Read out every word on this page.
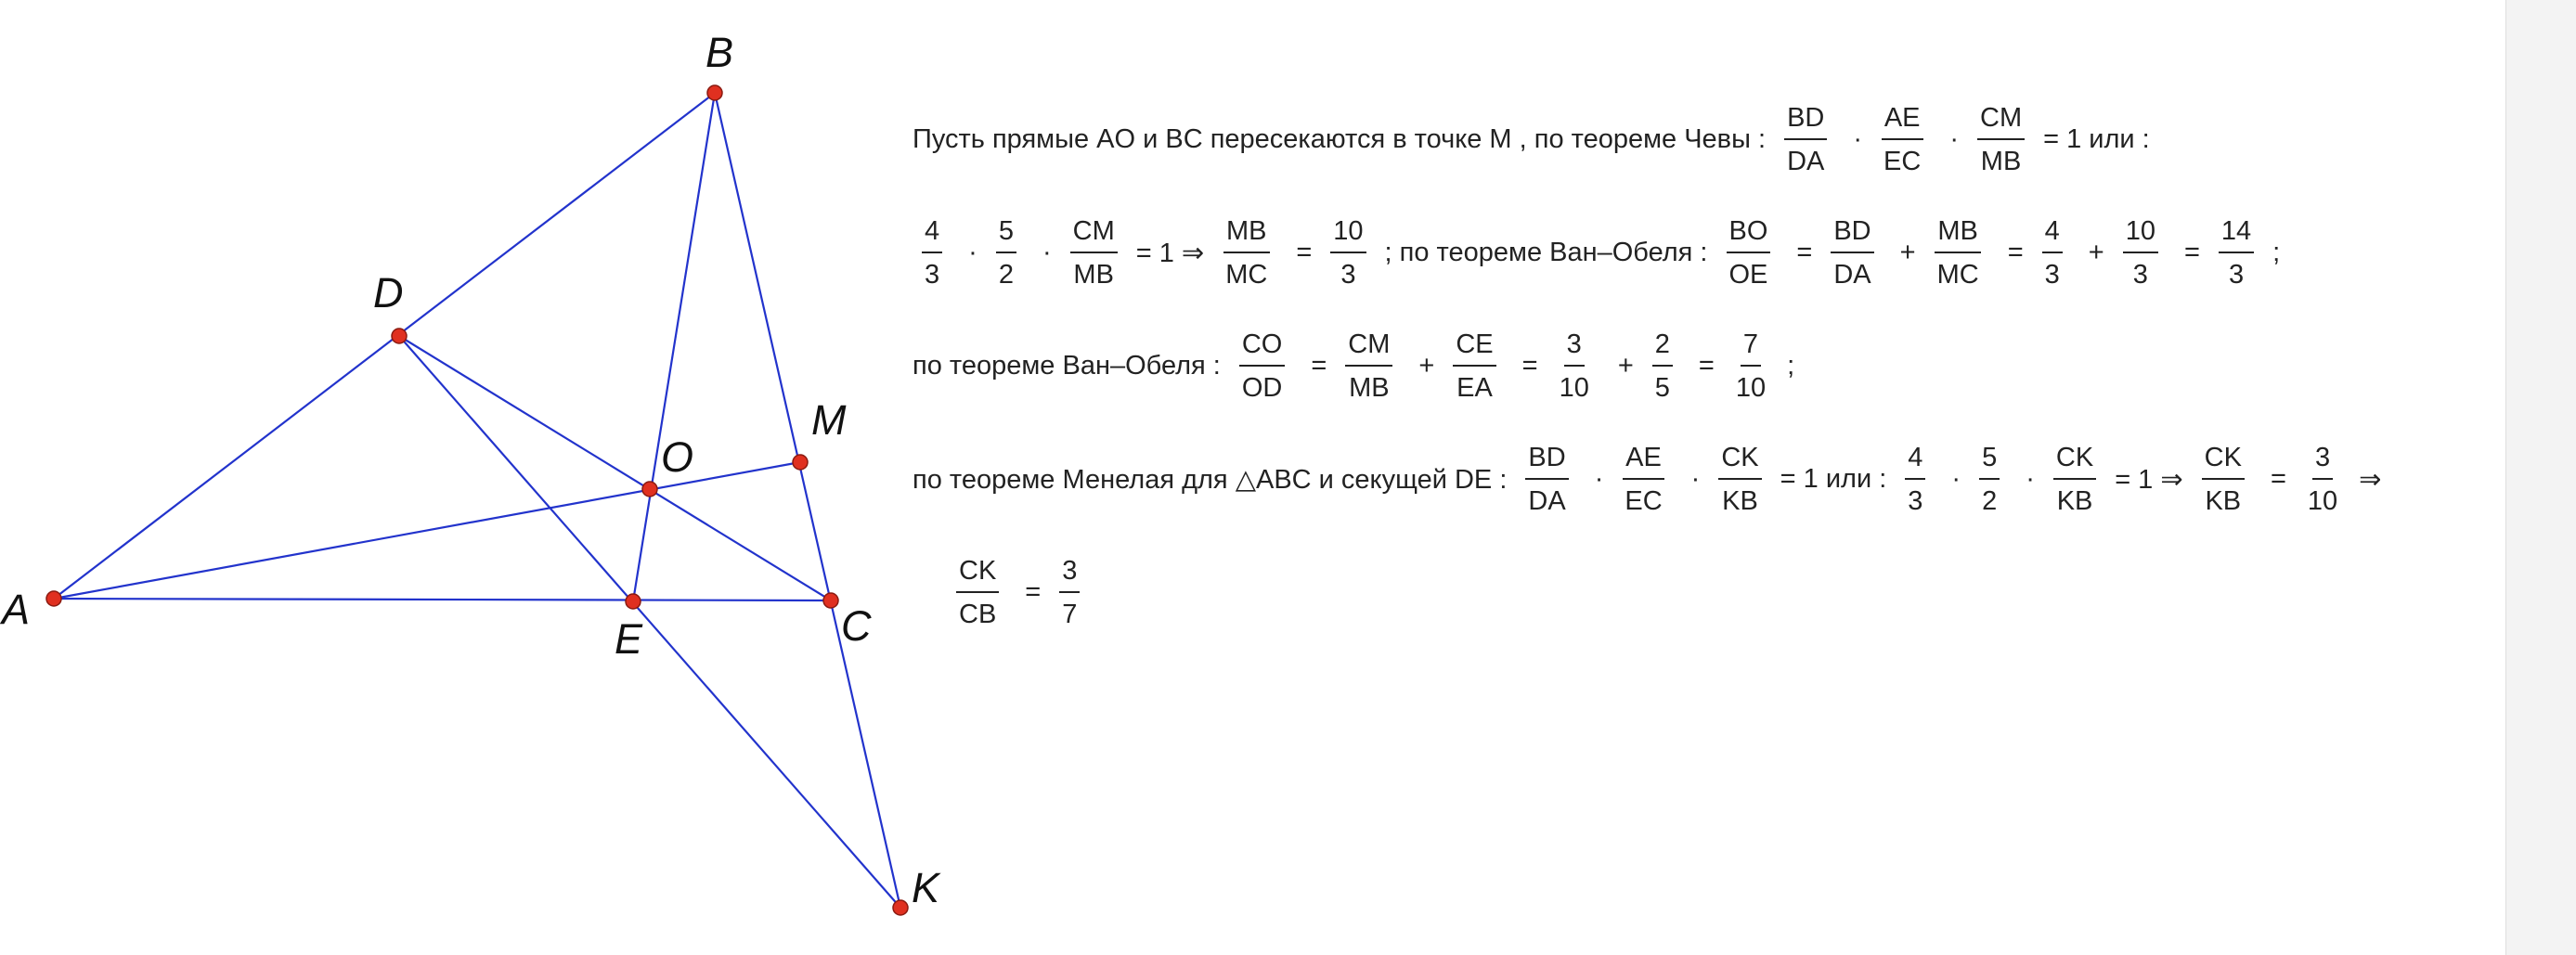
A
B
C
D
E
K
M
O
Пусть прямые AO и BC пересекаются в точке M , по теореме Чевы : $\frac{BD}{DA} \cdot \frac{AE}{EC} \cdot \frac{CM}{MB} = 1$ или :
$\frac{4}{3} \cdot \frac{5}{2} \cdot \frac{CM}{MB} = 1$ ⇒ $\frac{MB}{MC} = \frac{10}{3}$ ; по теореме Ван–Обеля : $\frac{BO}{OE} = \frac{BD}{DA} + \frac{MB}{MC} = \frac{4}{3} + \frac{10}{3} = \frac{14}{3}$ ;
по теореме Ван–Обеля : $\frac{CO}{OD} = \frac{CM}{MB} + \frac{CE}{EA} = \frac{3}{10} + \frac{2}{5} = \frac{7}{10}$ ;
по теореме Менелая для △ABC и секущей DE : $\frac{BD}{DA} \cdot \frac{AE}{EC} \cdot \frac{CK}{KB} = 1$ или : $\frac{4}{3} \cdot \frac{5}{2} \cdot \frac{CK}{KB} = 1$ ⇒ $\frac{CK}{KB} = \frac{3}{10}$ ⇒
$\frac{CK}{CB} = \frac{3}{7}$
